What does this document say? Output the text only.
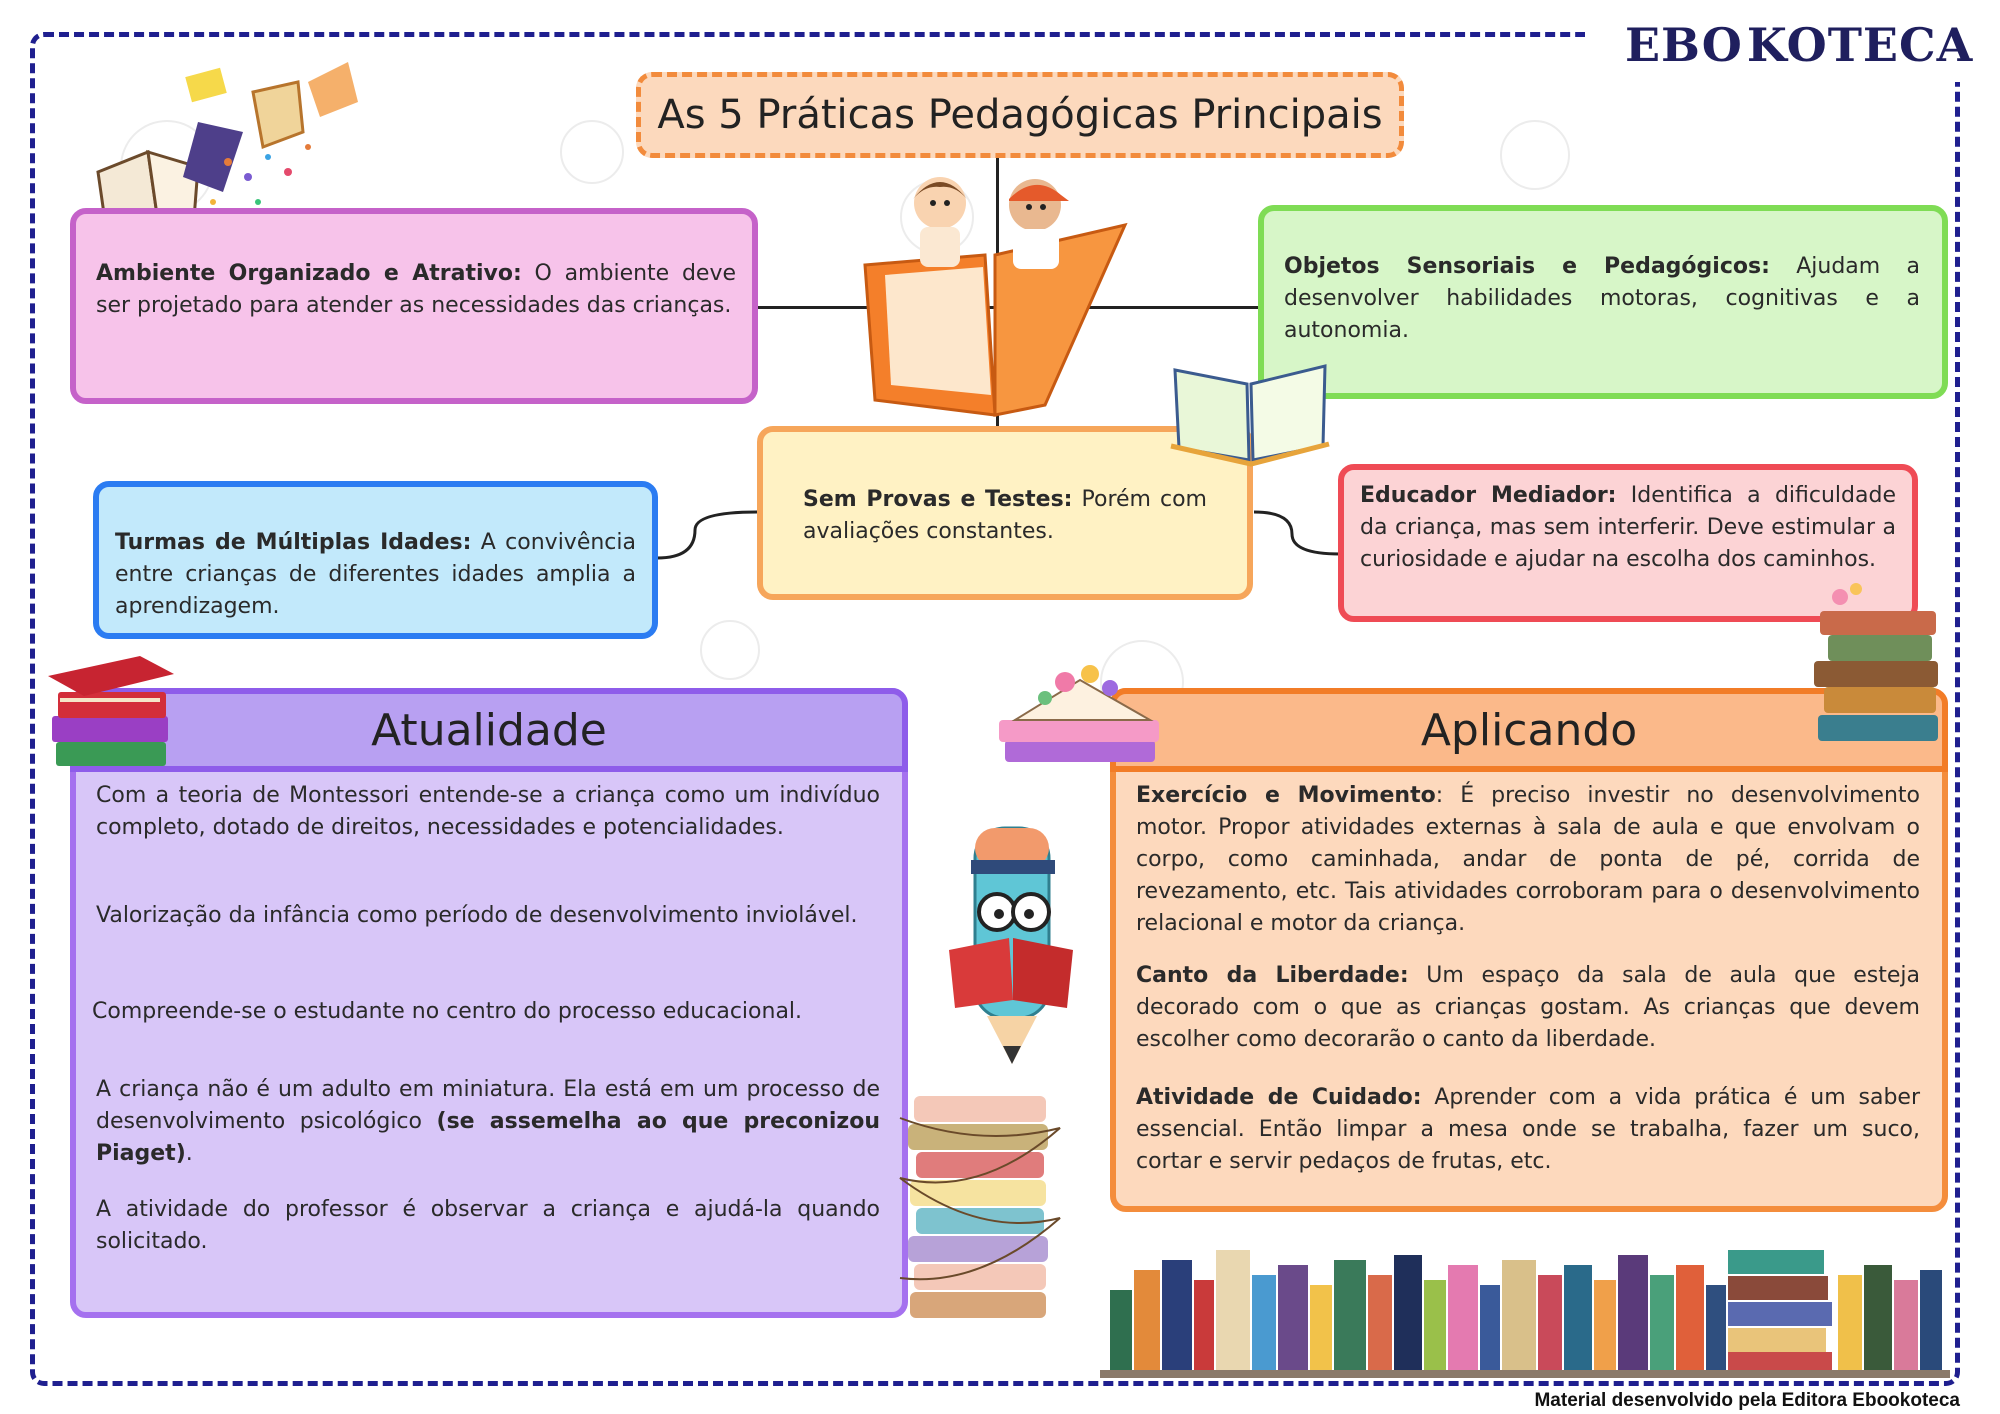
EBO KOTECA
As 5 Práticas Pedagógicas Principais
Ambiente Organizado e Atrativo: O ambiente deve ser projetado para atender as necessidades das crianças.
Objetos Sensoriais e Pedagógicos: Ajudam a desenvolver habilidades motoras, cognitivas e a autonomia.
Sem Provas e Testes: Porém com avaliações constantes.
Turmas de Múltiplas Idades: A convivência entre crianças de diferentes idades amplia a aprendizagem.
Educador Mediador: Identifica a dificuldade da criança, mas sem interferir. Deve estimular a curiosidade e ajudar na escolha dos caminhos.
Atualidade
Com a teoria de Montessori entende-se a criança como um indivíduo completo, dotado de direitos, necessidades e potencialidades.
Valorização da infância como período de desenvolvimento inviolável.
Compreende-se o estudante no centro do processo educacional.
A criança não é um adulto em miniatura. Ela está em um processo de desenvolvimento psicológico (se assemelha ao que preconizou Piaget).
A atividade do professor é observar a criança e ajudá-la quando solicitado.
Aplicando
Exercício e Movimento: É preciso investir no desenvolvimento motor. Propor atividades externas à sala de aula e que envolvam o corpo, como caminhada, andar de ponta de pé, corrida de revezamento, etc. Tais atividades corroboram para o desenvolvimento relacional e motor da criança.
Canto da Liberdade: Um espaço da sala de aula que esteja decorado com o que as crianças gostam. As crianças que devem escolher como decorarão o canto da liberdade.
Atividade de Cuidado: Aprender com a vida prática é um saber essencial. Então limpar a mesa onde se trabalha, fazer um suco, cortar e servir pedaços de frutas, etc.
Material desenvolvido pela Editora Ebookoteca
